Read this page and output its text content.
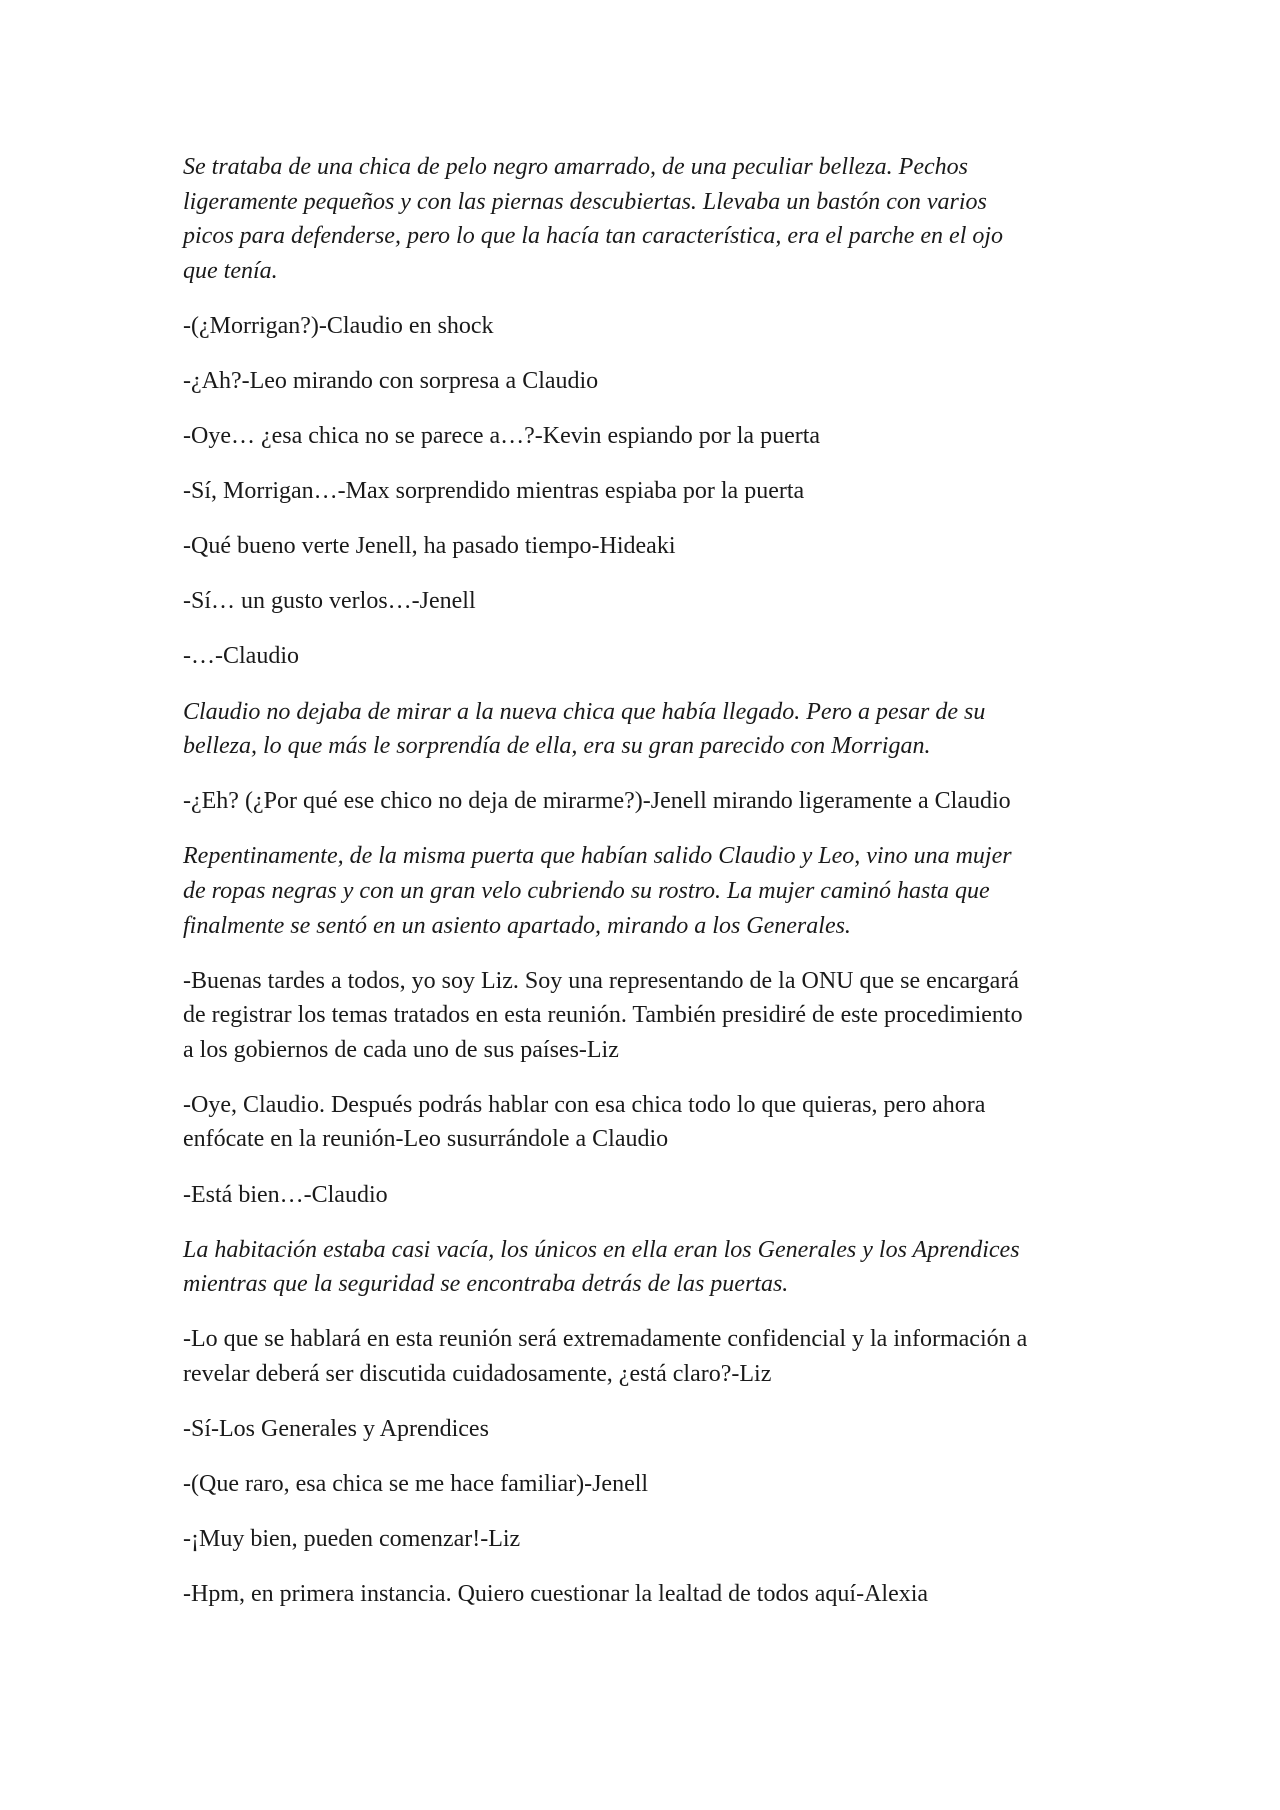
Se trataba de una chica de pelo negro amarrado, de una peculiar belleza. Pechos
ligeramente pequeños y con las piernas descubiertas. Llevaba un bastón con varios
picos para defenderse, pero lo que la hacía tan característica, era el parche en el ojo
que tenía.
-(¿Morrigan?)-Claudio en shock
-¿Ah?-Leo mirando con sorpresa a Claudio
-Oye… ¿esa chica no se parece a…?-Kevin espiando por la puerta
-Sí, Morrigan…-Max sorprendido mientras espiaba por la puerta
-Qué bueno verte Jenell, ha pasado tiempo-Hideaki
-Sí… un gusto verlos…-Jenell
-…-Claudio
Claudio no dejaba de mirar a la nueva chica que había llegado. Pero a pesar de su
belleza, lo que más le sorprendía de ella, era su gran parecido con Morrigan.
-¿Eh? (¿Por qué ese chico no deja de mirarme?)-Jenell mirando ligeramente a Claudio
Repentinamente, de la misma puerta que habían salido Claudio y Leo, vino una mujer
de ropas negras y con un gran velo cubriendo su rostro. La mujer caminó hasta que
finalmente se sentó en un asiento apartado, mirando a los Generales.
-Buenas tardes a todos, yo soy Liz. Soy una representando de la ONU que se encargará
de registrar los temas tratados en esta reunión. También presidiré de este procedimiento
a los gobiernos de cada uno de sus países-Liz
-Oye, Claudio. Después podrás hablar con esa chica todo lo que quieras, pero ahora
enfócate en la reunión-Leo susurrándole a Claudio
-Está bien…-Claudio
La habitación estaba casi vacía, los únicos en ella eran los Generales y los Aprendices
mientras que la seguridad se encontraba detrás de las puertas.
-Lo que se hablará en esta reunión será extremadamente confidencial y la información a
revelar deberá ser discutida cuidadosamente, ¿está claro?-Liz
-Sí-Los Generales y Aprendices
-(Que raro, esa chica se me hace familiar)-Jenell
-¡Muy bien, pueden comenzar!-Liz
-Hpm, en primera instancia. Quiero cuestionar la lealtad de todos aquí-Alexia
